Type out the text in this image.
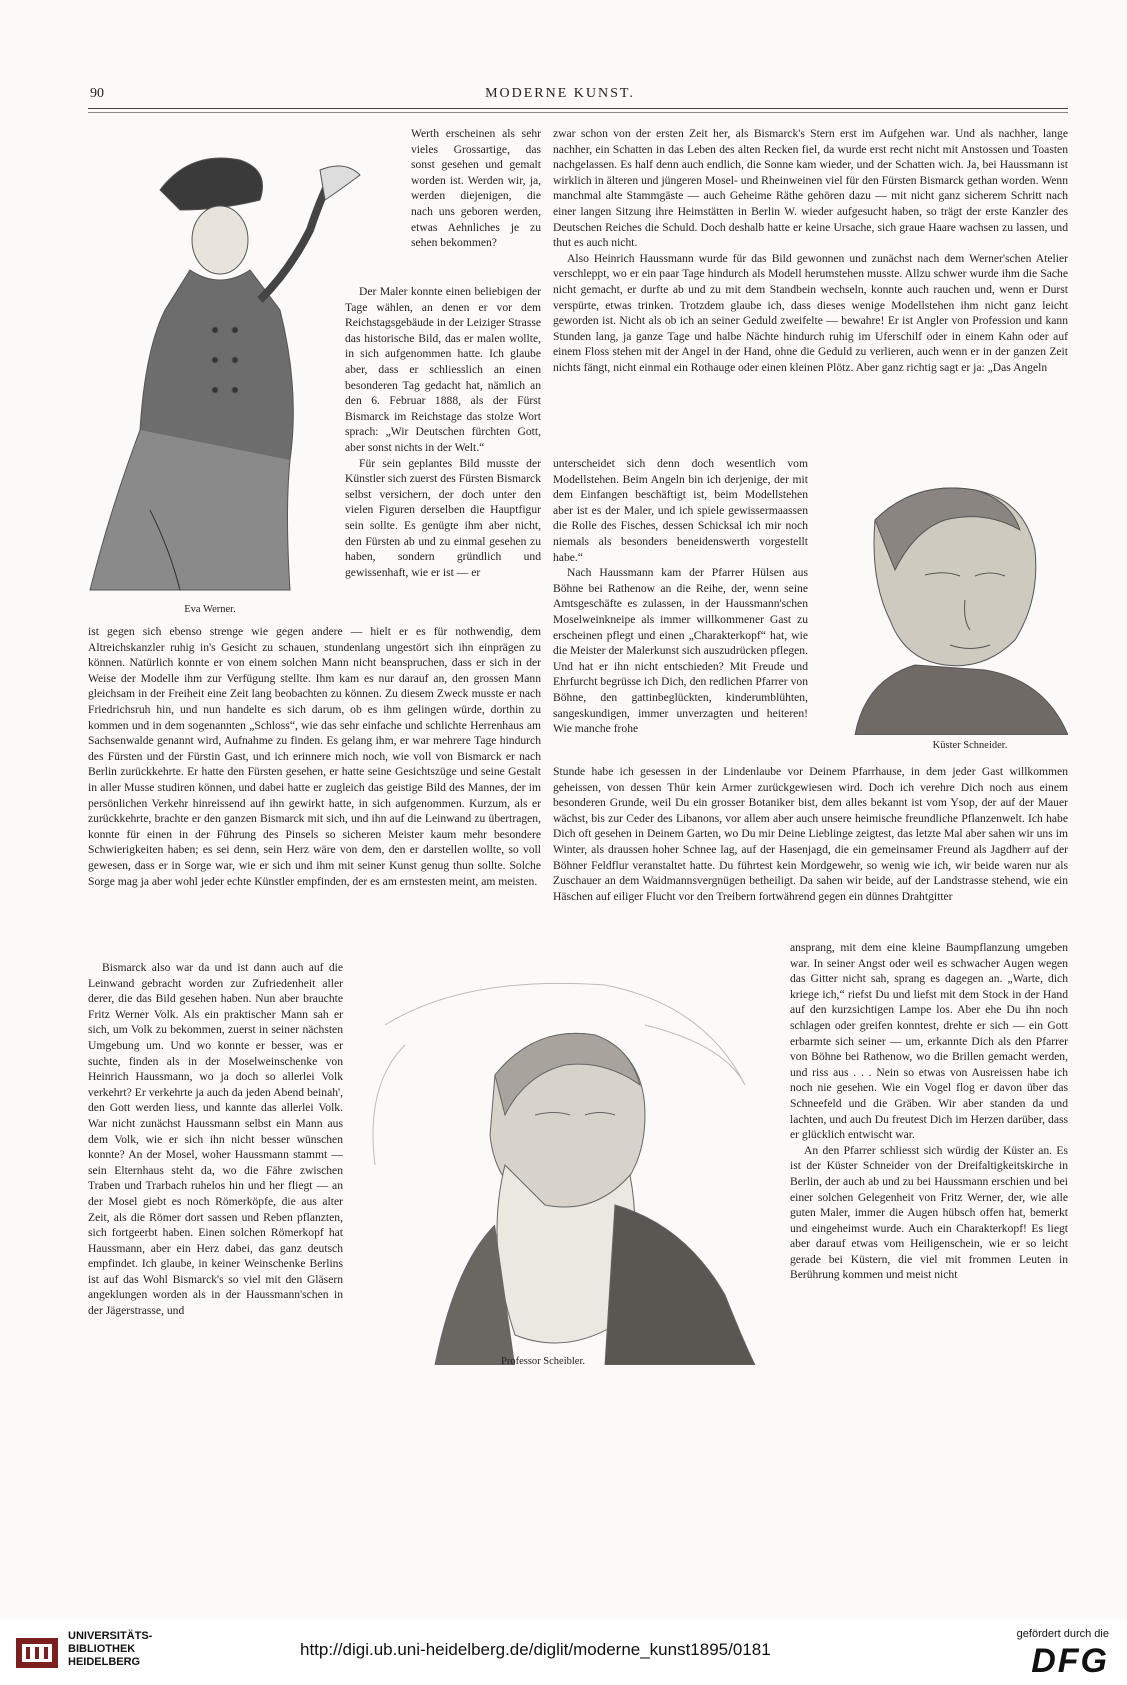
90	MODERNE KUNST.
Eva Werner.

Werth erscheinen als sehr vieles Grossartige, das sonst gesehen und gemalt worden ist. Werden wir, ja, werden diejenigen, die nach uns geboren werden, etwas Aehnliches je zu sehen bekommen?

Der Maler konnte einen beliebigen der Tage wählen, an denen er vor dem Reichstagsgebäude in der Leiziger Strasse das historische Bild, das er malen wollte, in sich aufgenommen hatte. Ich glaube aber, dass er schliesslich an einen besonderen Tag gedacht hat, nämlich an den 6. Februar 1888, als der Fürst Bismarck im Reichstage das stolze Wort sprach: „Wir Deutschen fürchten Gott, aber sonst nichts in der Welt.“

Für sein geplantes Bild musste der Künstler sich zuerst des Fürsten Bismarck selbst versichern, der doch unter den vielen Figuren derselben die Hauptfigur sein sollte. Es genügte ihm aber nicht, den Fürsten ab und zu einmal gesehen zu haben, sondern gründlich und gewissenhaft, wie er ist — er

ist gegen sich ebenso strenge wie gegen andere — hielt er es für nothwendig, dem Altreichskanzler ruhig in's Gesicht zu schauen, stundenlang ungestört sich ihn einprägen zu können. Natürlich konnte er von einem solchen Mann nicht beanspruchen, dass er sich in der Weise der Modelle ihm zur Verfügung stellte. Ihm kam es nur darauf an, den grossen Mann gleichsam in der Freiheit eine Zeit lang beobachten zu können. Zu diesem Zweck musste er nach Friedrichsruh hin, und nun handelte es sich darum, ob es ihm gelingen würde, dorthin zu kommen und in dem sogenannten „Schloss“, wie das sehr einfache und schlichte Herrenhaus am Sachsenwalde genannt wird, Aufnahme zu finden. Es gelang ihm, er war mehrere Tage hindurch des Fürsten und der Fürstin Gast, und ich erinnere mich noch, wie voll von Bismarck er nach Berlin zurückkehrte. Er hatte den Fürsten gesehen, er hatte seine Gesichtszüge und seine Gestalt in aller Musse studiren können, und dabei hatte er zugleich das geistige Bild des Mannes, der im persönlichen Verkehr hinreissend auf ihn gewirkt hatte, in sich aufgenommen. Kurzum, als er zurückkehrte, brachte er den ganzen Bismarck mit sich, und ihn auf die Leinwand zu übertragen, konnte für einen in der Führung des Pinsels so sicheren Meister kaum mehr besondere Schwierigkeiten haben; es sei denn, sein Herz wäre von dem, den er darstellen wollte, so voll gewesen, dass er in Sorge war, wie er sich und ihm mit seiner Kunst genug thun sollte. Solche Sorge mag ja aber wohl jeder echte Künstler empfinden, der es am ernstesten meint, am meisten.

Bismarck also war da und ist dann auch auf die Leinwand gebracht worden zur Zufriedenheit aller derer, die das Bild gesehen haben. Nun aber brauchte Fritz Werner Volk. Als ein praktischer Mann sah er sich, um Volk zu bekommen, zuerst in seiner nächsten Umgebung um. Und wo konnte er besser, was er suchte, finden als in der Moselweinschenke von Heinrich Haussmann, wo ja doch so allerlei Volk verkehrt? Er verkehrte ja auch da jeden Abend beinah', den Gott werden liess, und kannte das allerlei Volk. War nicht zunächst Haussmann selbst ein Mann aus dem Volk, wie er sich ihn nicht besser wünschen konnte? An der Mosel, woher Haussmann stammt — sein Elternhaus steht da, wo die Fähre zwischen Traben und Trarbach ruhelos hin und her fliegt — an der Mosel giebt es noch Römerköpfe, die aus alter Zeit, als die Römer dort sassen und Reben pflanzten, sich fortgeerbt haben. Einen solchen Römerkopf hat Haussmann, aber ein Herz dabei, das ganz deutsch empfindet. Ich glaube, in keiner Weinschenke Berlins ist auf das Wohl Bismarck's so viel mit den Gläsern angeklungen worden als in der Haussmann'schen in der Jägerstrasse, und

zwar schon von der ersten Zeit her, als Bismarck's Stern erst im Aufgehen war. Und als nachher, lange nachher, ein Schatten in das Leben des alten Recken fiel, da wurde erst recht nicht mit Anstossen und Toasten nachgelassen. Es half denn auch endlich, die Sonne kam wieder, und der Schatten wich. Ja, bei Haussmann ist wirklich in älteren und jüngeren Mosel- und Rheinweinen viel für den Fürsten Bismarck gethan worden. Wenn manchmal alte Stammgäste — auch Geheime Räthe gehören dazu — mit nicht ganz sicherem Schritt nach einer langen Sitzung ihre Heimstätten in Berlin W. wieder aufgesucht haben, so trägt der erste Kanzler des Deutschen Reiches die Schuld. Doch deshalb hatte er keine Ursache, sich graue Haare wachsen zu lassen, und thut es auch nicht.

Also Heinrich Haussmann wurde für das Bild gewonnen und zunächst nach dem Werner'schen Atelier verschleppt, wo er ein paar Tage hindurch als Modell herumstehen musste. Allzu schwer wurde ihm die Sache nicht gemacht, er durfte ab und zu mit dem Standbein wechseln, konnte auch rauchen und, wenn er Durst verspürte, etwas trinken. Trotzdem glaube ich, dass dieses wenige Modellstehen ihm nicht ganz leicht geworden ist. Nicht als ob ich an seiner Geduld zweifelte — bewahre! Er ist Angler von Profession und kann Stunden lang, ja ganze Tage und halbe Nächte hindurch ruhig im Uferschilf oder in einem Kahn oder auf einem Floss stehen mit der Angel in der Hand, ohne die Geduld zu verlieren, auch wenn er in der ganzen Zeit nichts fängt, nicht einmal ein Rothauge oder einen kleinen Plötz. Aber ganz richtig sagt er ja: „Das Angeln

unterscheidet sich denn doch wesentlich vom Modellstehen. Beim Angeln bin ich derjenige, der mit dem Einfangen beschäftigt ist, beim Modellstehen aber ist es der Maler, und ich spiele gewissermaassen die Rolle des Fisches, dessen Schicksal ich mir noch niemals als besonders beneidenswerth vorgestellt habe.“

Nach Haussmann kam der Pfarrer Hülsen aus Böhne bei Rathenow an die Reihe, der, wenn seine Amtsgeschäfte es zulassen, in der Haussmann'schen Moselweinkneipe als immer willkommener Gast zu erscheinen pflegt und einen „Charakterkopf“ hat, wie die Meister der Malerkunst sich auszudrücken pflegen. Und hat er ihn nicht entschieden? Mit Freude und Ehrfurcht begrüsse ich Dich, den redlichen Pfarrer von Böhne, den gattinbeglückten, kinderumblühten, sangeskundigen, immer unverzagten und heiteren! Wie manche frohe

Stunde habe ich gesessen in der Lindenlaube vor Deinem Pfarrhause, in dem jeder Gast willkommen geheissen, von dessen Thür kein Armer zurückgewiesen wird. Doch ich verehre Dich noch aus einem besonderen Grunde, weil Du ein grosser Botaniker bist, dem alles bekannt ist vom Ysop, der auf der Mauer wächst, bis zur Ceder des Libanons, vor allem aber auch unsere heimische freundliche Pflanzenwelt. Ich habe Dich oft gesehen in Deinem Garten, wo Du mir Deine Lieblinge zeigtest, das letzte Mal aber sahen wir uns im Winter, als draussen hoher Schnee lag, auf der Hasenjagd, die ein gemeinsamer Freund als Jagdherr auf der Böhner Feldflur veranstaltet hatte. Du führtest kein Mordgewehr, so wenig wie ich, wir beide waren nur als Zuschauer an dem Waidmannsvergnügen betheiligt. Da sahen wir beide, auf der Landstrasse stehend, wie ein Häschen auf eiliger Flucht vor den Treibern fortwährend gegen ein dünnes Drahtgitter

ansprang, mit dem eine kleine Baumpflanzung umgeben war. In seiner Angst oder weil es schwacher Augen wegen das Gitter nicht sah, sprang es dagegen an. „Warte, dich kriege ich,“ riefst Du und liefst mit dem Stock in der Hand auf den kurzsichtigen Lampe los. Aber ehe Du ihn noch schlagen oder greifen konntest, drehte er sich — ein Gott erbarmte sich seiner — um, erkannte Dich als den Pfarrer von Böhne bei Rathenow, wo die Brillen gemacht werden, und riss aus . . . Nein so etwas von Ausreissen habe ich noch nie gesehen. Wie ein Vogel flog er davon über das Schneefeld und die Gräben. Wir aber standen da und lachten, und auch Du freutest Dich im Herzen darüber, dass er glücklich entwischt war.

An den Pfarrer schliesst sich würdig der Küster an. Es ist der Küster Schneider von der Dreifaltigkeitskirche in Berlin, der auch ab und zu bei Haussmann erschien und bei einer solchen Gelegenheit von Fritz Werner, der, wie alle guten Maler, immer die Augen hübsch offen hat, bemerkt und eingeheimst wurde. Auch ein Charakterkopf! Es liegt aber darauf etwas vom Heiligenschein, wie er so leicht gerade bei Küstern, die viel mit frommen Leuten in Berührung kommen und meist nicht

Küster Schneider.
Professor Scheibler.
UNIVERSITÄTS-
BIBLIOTHEK
HEIDELBERG
http://digi.ub.uni-heidelberg.de/diglit/moderne_kunst1895/0181
gefördert durch die
DFG
